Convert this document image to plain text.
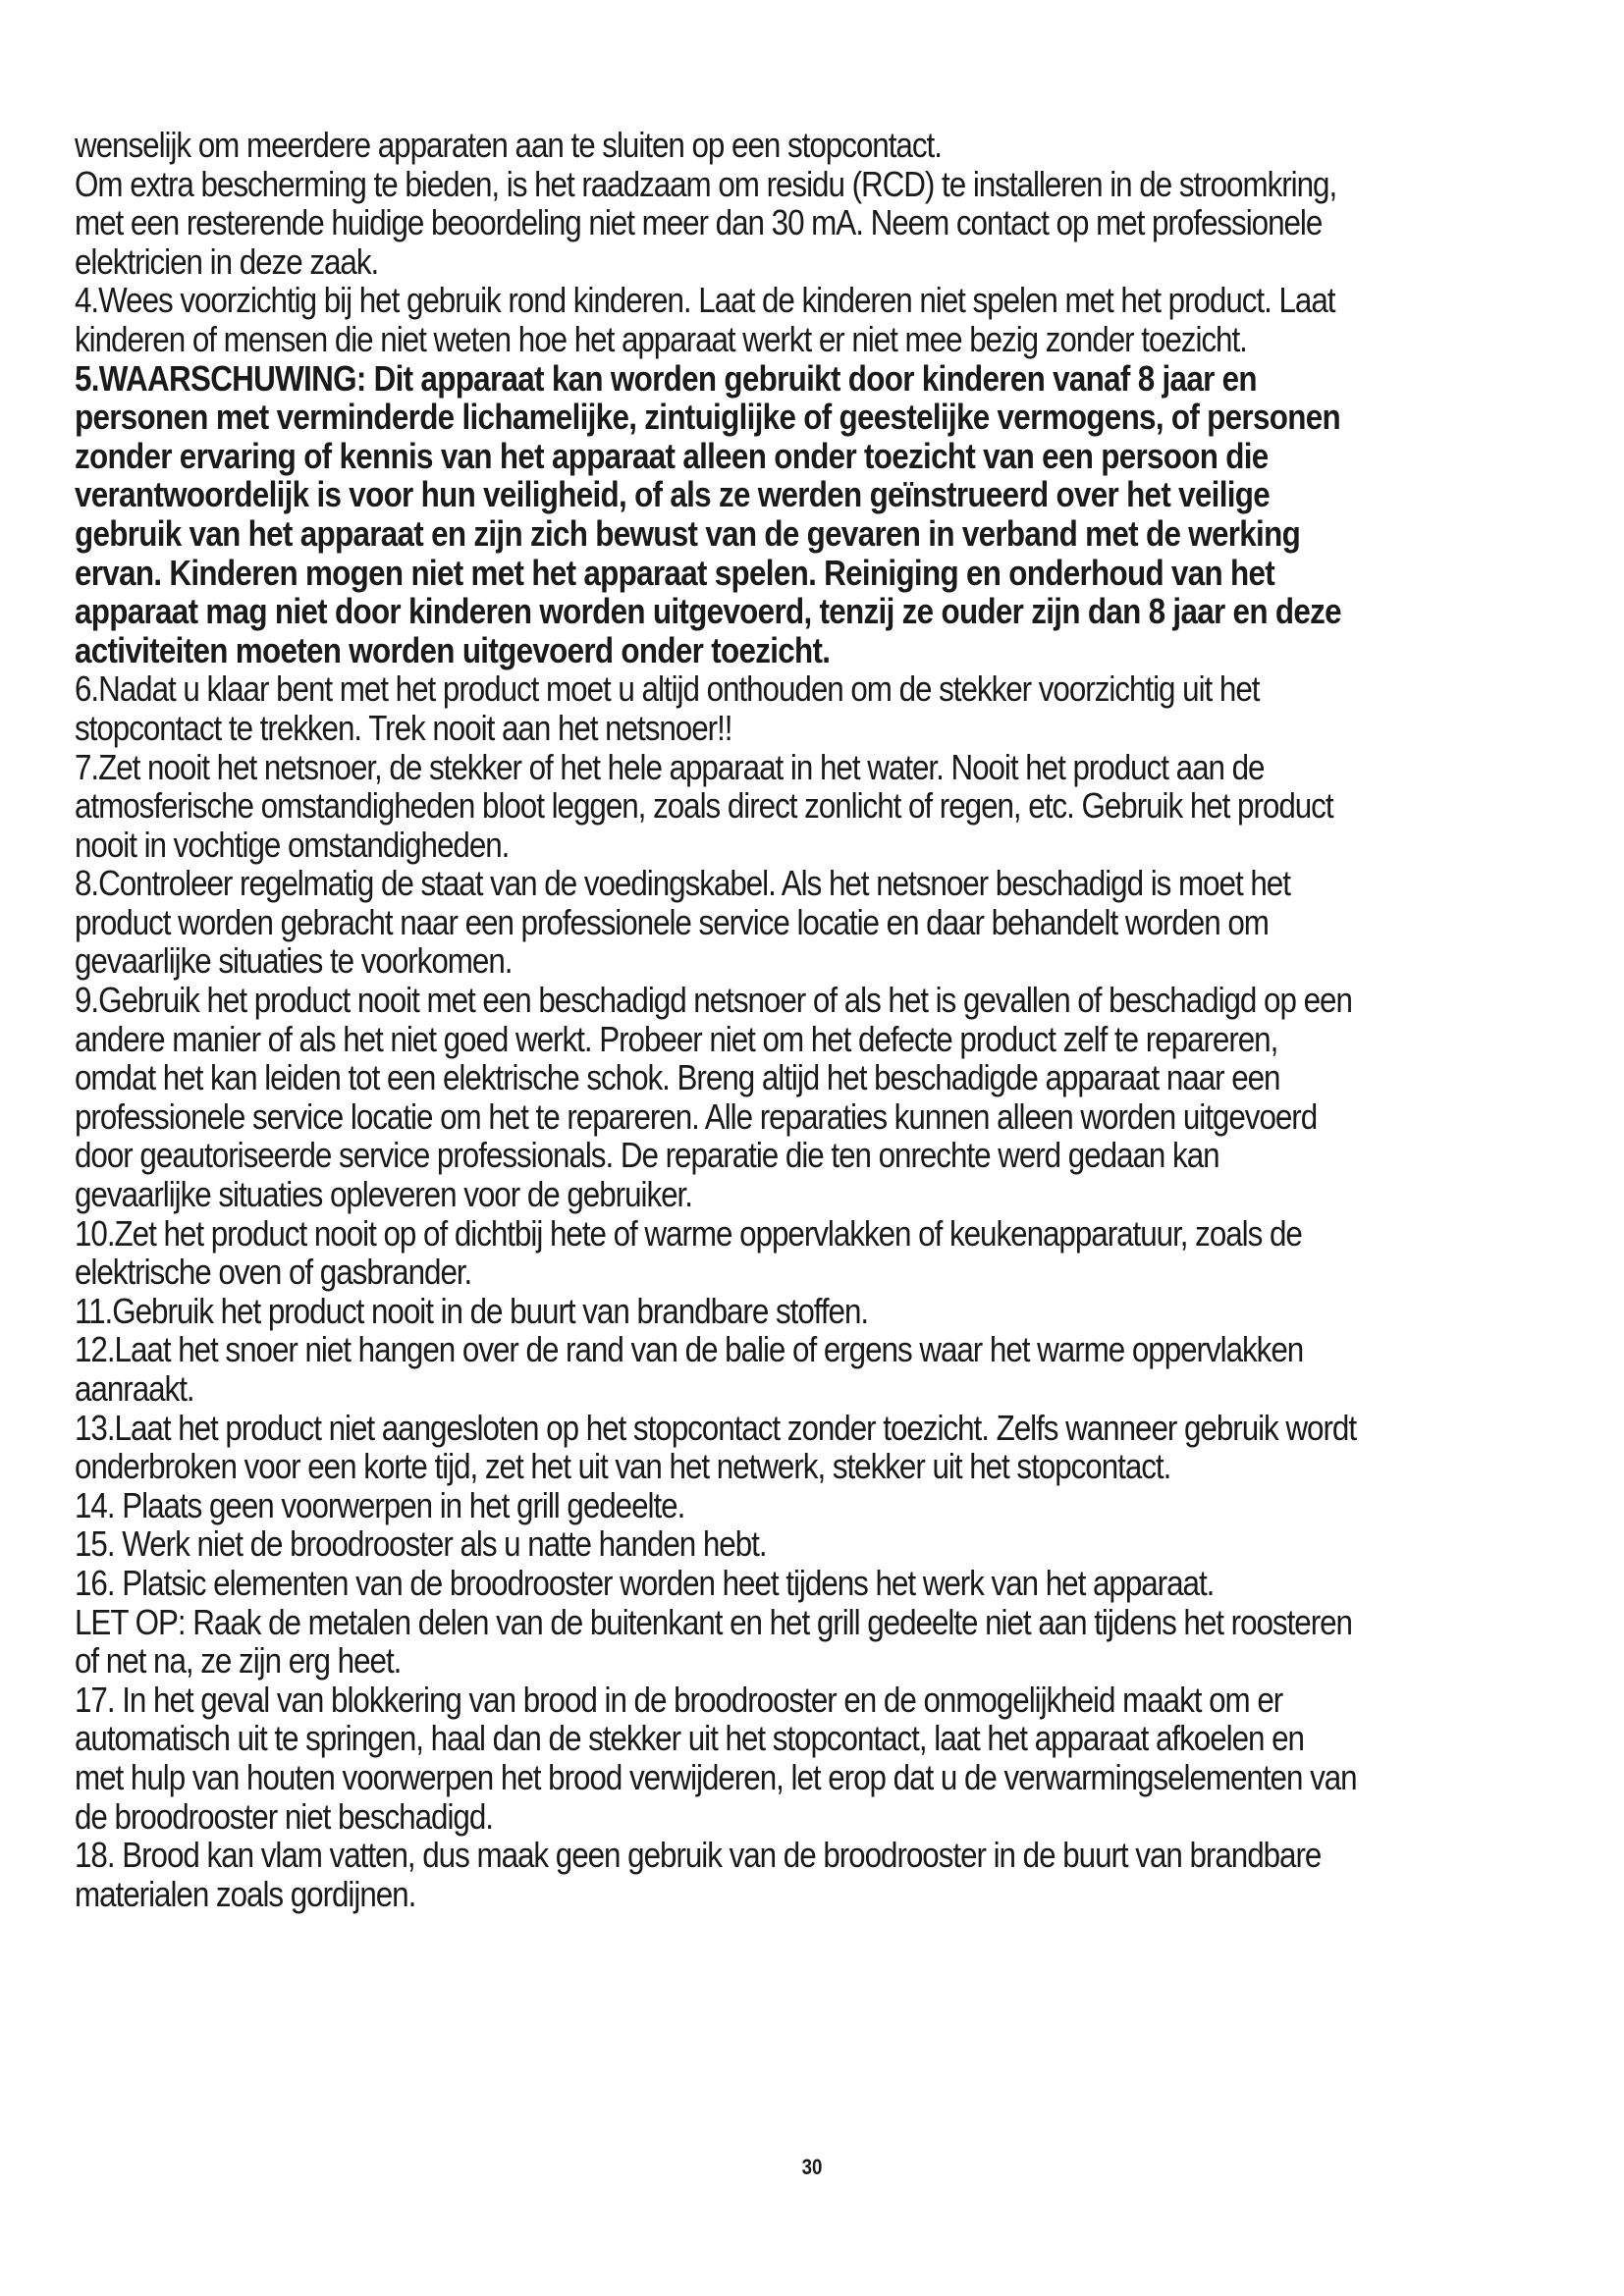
wenselijk om meerdere apparaten aan te sluiten op een stopcontact.

Om extra bescherming te bieden, is het raadzaam om residu (RCD) te installeren in de stroomkring, met een resterende huidige beoordeling niet meer dan 30 mA. Neem contact op met professionele elektricien in deze zaak.

4.Wees voorzichtig bij het gebruik rond kinderen. Laat de kinderen niet spelen met het product. Laat kinderen of mensen die niet weten hoe het apparaat werkt er niet mee bezig zonder toezicht.

5.WAARSCHUWING: Dit apparaat kan worden gebruikt door kinderen vanaf 8 jaar en personen met verminderde lichamelijke, zintuiglijke of geestelijke vermogens, of personen zonder ervaring of kennis van het apparaat alleen onder toezicht van een persoon die verantwoordelijk is voor hun veiligheid, of als ze werden geïnstrueerd over het veilige gebruik van het apparaat en zijn zich bewust van de gevaren in verband met de werking ervan. Kinderen mogen niet met het apparaat spelen. Reiniging en onderhoud van het apparaat mag niet door kinderen worden uitgevoerd, tenzij ze ouder zijn dan 8 jaar en deze activiteiten moeten worden uitgevoerd onder toezicht.

6.Nadat u klaar bent met het product moet u altijd onthouden om de stekker voorzichtig uit het stopcontact te trekken. Trek nooit aan het netsnoer!!

7.Zet nooit het netsnoer, de stekker of het hele apparaat in het water. Nooit het product aan de atmosferische omstandigheden bloot leggen, zoals direct zonlicht of regen, etc. Gebruik het product nooit in vochtige omstandigheden.

8.Controleer regelmatig de staat van de voedingskabel. Als het netsnoer beschadigd is moet het product worden gebracht naar een professionele service locatie en daar behandelt worden om gevaarlijke situaties te voorkomen.

9.Gebruik het product nooit met een beschadigd netsnoer of als het is gevallen of beschadigd op een andere manier of als het niet goed werkt. Probeer niet om het defecte product zelf te repareren, omdat het kan leiden tot een elektrische schok. Breng altijd het beschadigde apparaat naar een professionele service locatie om het te repareren. Alle reparaties kunnen alleen worden uitgevoerd door geautoriseerde service professionals. De reparatie die ten onrechte werd gedaan kan gevaarlijke situaties opleveren voor de gebruiker.

10.Zet het product nooit op of dichtbij hete of warme oppervlakken of keukenapparatuur, zoals de elektrische oven of gasbrander.

11.Gebruik het product nooit in de buurt van brandbare stoffen.

12.Laat het snoer niet hangen over de rand van de balie of ergens waar het warme oppervlakken aanraakt.

13.Laat het product niet aangesloten op het stopcontact zonder toezicht. Zelfs wanneer gebruik wordt onderbroken voor een korte tijd, zet het uit van het netwerk, stekker uit het stopcontact.

14. Plaats geen voorwerpen in het grill gedeelte.

15. Werk niet de broodrooster als u natte handen hebt.

16. Platsic elementen van de broodrooster worden heet tijdens het werk van het apparaat.

LET OP: Raak de metalen delen van de buitenkant en het grill gedeelte niet aan tijdens het roosteren of net na, ze zijn erg heet.

17. In het geval van blokkering van brood in de broodrooster en de onmogelijkheid maakt om er automatisch uit te springen, haal dan de stekker uit het stopcontact, laat het apparaat afkoelen en met hulp van houten voorwerpen het brood verwijderen, let erop dat u de verwarmingselementen van de broodrooster niet beschadigd.

18. Brood kan vlam vatten, dus maak geen gebruik van de broodrooster in de buurt van brandbare materialen zoals gordijnen.

30
